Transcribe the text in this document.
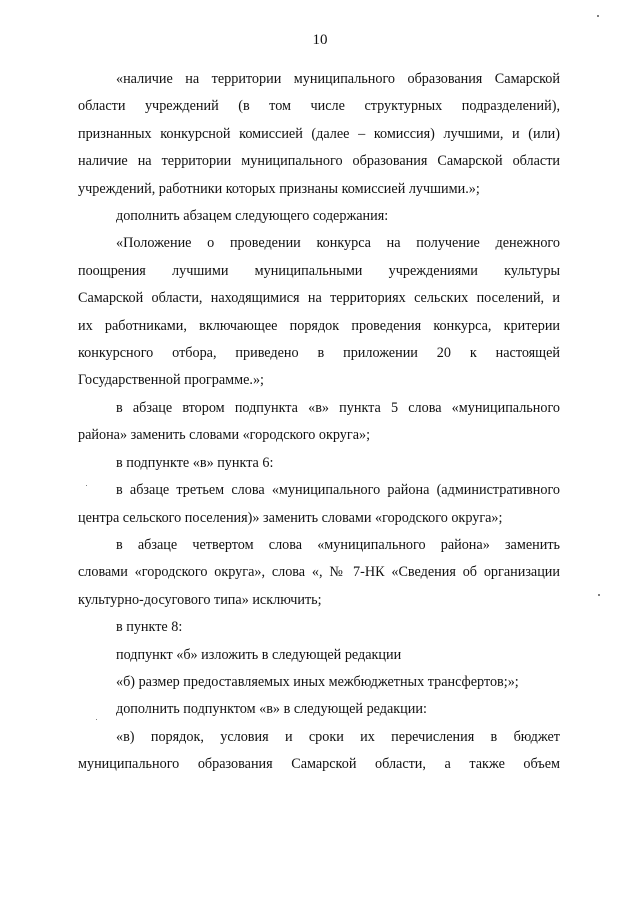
10
«наличие на территории муниципального образования Самарской
области учреждений (в том числе структурных подразделений),
признанных конкурсной комиссией (далее – комиссия) лучшими, и (или)
наличие на территории муниципального образования Самарской области
учреждений, работники которых признаны комиссией лучшими.»;
дополнить абзацем следующего содержания:
«Положение о проведении конкурса на получение денежного
поощрения лучшими муниципальными учреждениями культуры
Самарской области, находящимися на территориях сельских поселений, и
их работниками, включающее порядок проведения конкурса, критерии
конкурсного отбора, приведено в приложении 20 к настоящей
Государственной программе.»;
в абзаце втором подпункта «в» пункта 5 слова «муниципального
района» заменить словами «городского округа»;
в подпункте «в» пункта 6:
в абзаце третьем слова «муниципального района (административного
центра сельского поселения)» заменить словами «городского округа»;
в абзаце четвертом слова «муниципального района» заменить
словами «городского округа», слова «, № 7-НК «Сведения об организации
культурно-досугового типа» исключить;
в пункте 8:
подпункт «б» изложить в следующей редакции
«б) размер предоставляемых иных межбюджетных трансфертов;»;
дополнить подпунктом «в» в следующей редакции:
«в) порядок, условия и сроки их перечисления в бюджет
муниципального образования Самарской области, а также объем
